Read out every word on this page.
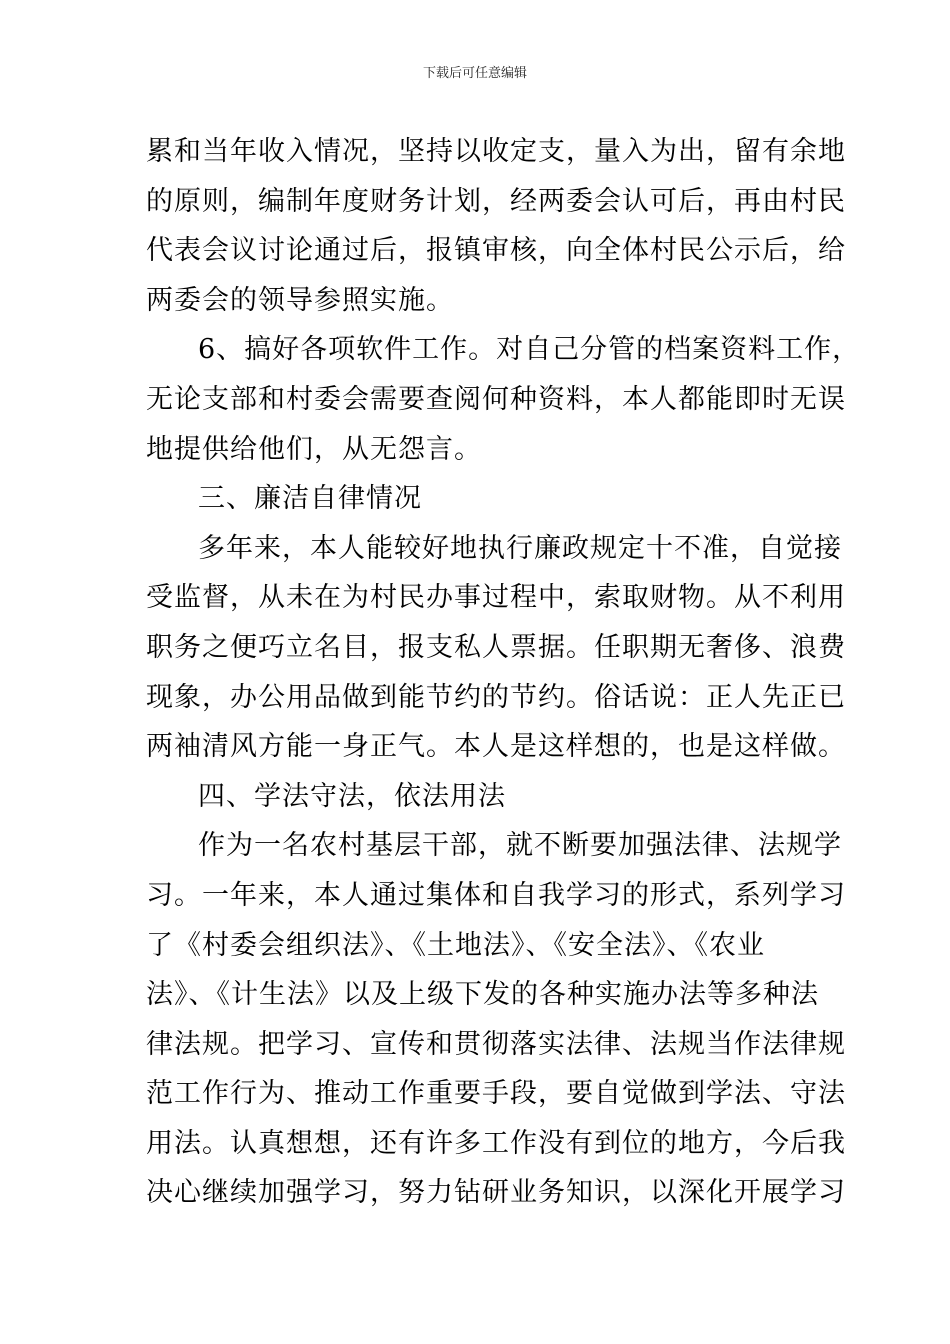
下载后可任意编辑
累和当年收入情况，坚持以收定支，量入为出，留有余地
的原则，编制年度财务计划，经两委会认可后，再由村民
代表会议讨论通过后，报镇审核，向全体村民公示后，给
两委会的领导参照实施。
6、搞好各项软件工作。对自己分管的档案资料工作，
无论支部和村委会需要查阅何种资料，本人都能即时无误
地提供给他们，从无怨言。
三、廉洁自律情况
多年来，本人能较好地执行廉政规定十不准，自觉接
受监督，从未在为村民办事过程中，索取财物。从不利用
职务之便巧立名目，报支私人票据。任职期无奢侈、浪费
现象，办公用品做到能节约的节约。俗话说：正人先正已
两袖清风方能一身正气。本人是这样想的，也是这样做。
四、学法守法，依法用法
作为一名农村基层干部，就不断要加强法律、法规学
习。一年来，本人通过集体和自我学习的形式，系列学习
了《村委会组织法》、《土地法》、《安全法》、《农业
法》、《计生法》以及上级下发的各种实施办法等多种法
律法规。把学习、宣传和贯彻落实法律、法规当作法律规
范工作行为、推动工作重要手段，要自觉做到学法、守法
用法。认真想想，还有许多工作没有到位的地方，今后我
决心继续加强学习，努力钻研业务知识，以深化开展学习
